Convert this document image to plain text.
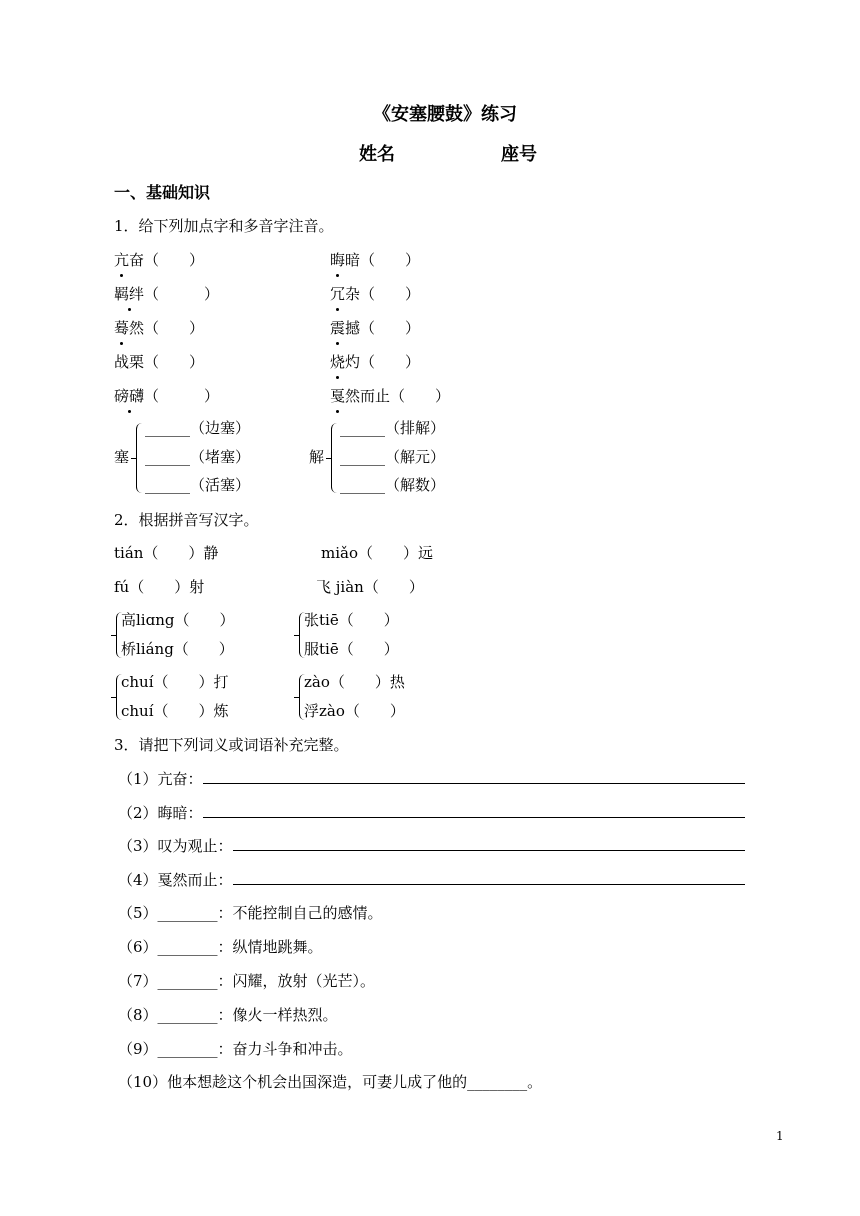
《安塞腰鼓》练习
姓名	座号
一、基础知识
1．给下列加点字和多音字注音。
亢奋（　　）	晦暗（　　）
羁绊（　　　）	冗杂（　　）
蓦然（　　）	震撼（　　）
战栗（　　）	烧灼（　　）
磅礴（　　　）	戛然而止（　　）
塞
______（边塞）
______（堵塞）
______（活塞）
解
______（排解）
______（解元）
______（解数）
2．根据拼音写汉字。
tián（　　）静	miǎo（　　）远
fú（　　）射	飞 jiàn（　　）
高liɑng（　　）
桥liáng（　　）
张tiē（　　）
服tiē（　　）
chuí（　　）打
chuí（　　）炼
zào（　　）热
浮zào（　　）
3．请把下列词义或词语补充完整。
（1）亢奋：
（2）晦暗：
（3）叹为观止：
（4）戛然而止：
（5）________：不能控制自己的感情。
（6）________：纵情地跳舞。
（7）________：闪耀，放射（光芒）。
（8）________：像火一样热烈。
（9）________：奋力斗争和冲击。
（10）他本想趁这个机会出国深造，可妻儿成了他的________。
1
